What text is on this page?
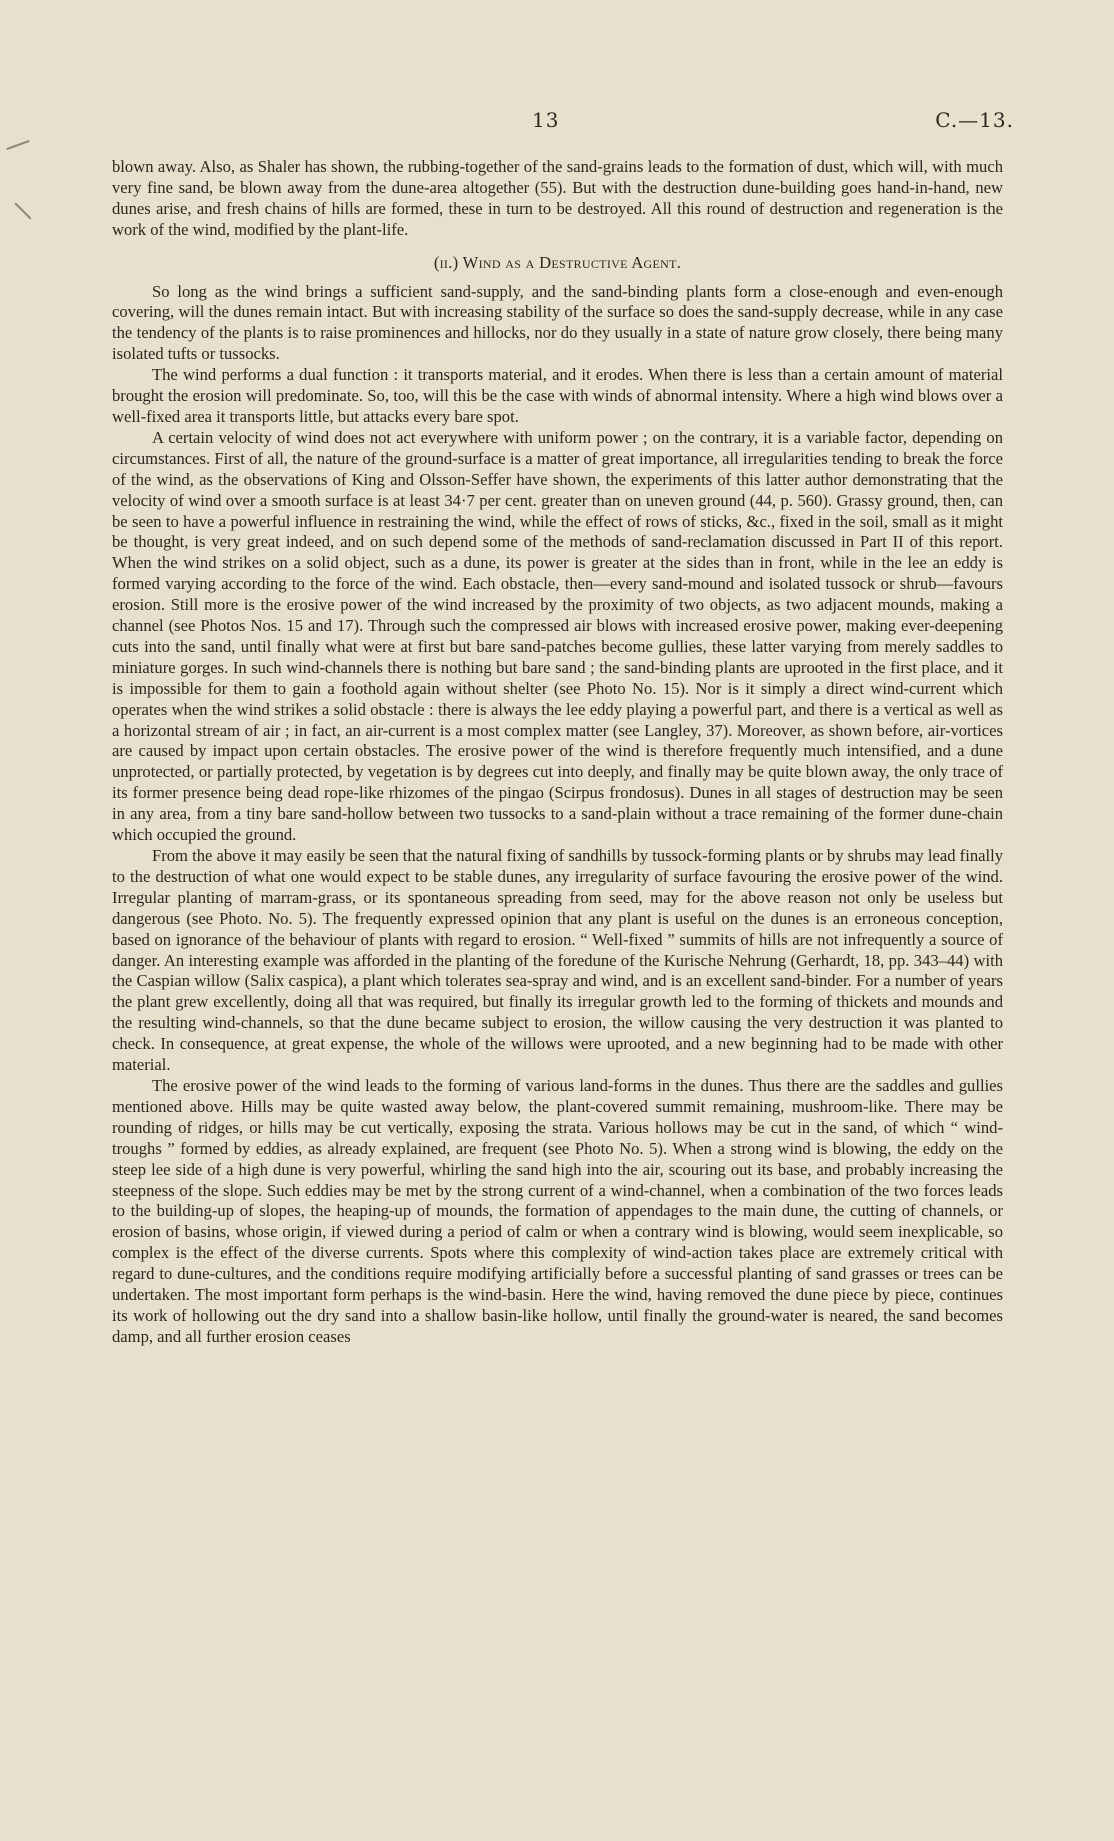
13	C.—13.

blown away. Also, as Shaler has shown, the rubbing-together of the sand-grains leads to the formation of dust, which will, with much very fine sand, be blown away from the dune-area altogether (55). But with the destruction dune-building goes hand-in-hand, new dunes arise, and fresh chains of hills are formed, these in turn to be destroyed. All this round of destruction and regeneration is the work of the wind, modified by the plant-life.

(ii.) Wind as a Destructive Agent.

So long as the wind brings a sufficient sand-supply, and the sand-binding plants form a close-enough and even-enough covering, will the dunes remain intact. But with increasing stability of the surface so does the sand-supply decrease, while in any case the tendency of the plants is to raise prominences and hillocks, nor do they usually in a state of nature grow closely, there being many isolated tufts or tussocks.

The wind performs a dual function : it transports material, and it erodes. When there is less than a certain amount of material brought the erosion will predominate. So, too, will this be the case with winds of abnormal intensity. Where a high wind blows over a well-fixed area it transports little, but attacks every bare spot.

A certain velocity of wind does not act everywhere with uniform power ; on the contrary, it is a variable factor, depending on circumstances. First of all, the nature of the ground-surface is a matter of great importance, all irregularities tending to break the force of the wind, as the observations of King and Olsson-Seffer have shown, the experiments of this latter author demonstrating that the velocity of wind over a smooth surface is at least 34·7 per cent. greater than on uneven ground (44, p. 560). Grassy ground, then, can be seen to have a powerful influence in restraining the wind, while the effect of rows of sticks, &c., fixed in the soil, small as it might be thought, is very great indeed, and on such depend some of the methods of sand-reclamation discussed in Part II of this report. When the wind strikes on a solid object, such as a dune, its power is greater at the sides than in front, while in the lee an eddy is formed varying according to the force of the wind. Each obstacle, then—every sand-mound and isolated tussock or shrub—favours erosion. Still more is the erosive power of the wind increased by the proximity of two objects, as two adjacent mounds, making a channel (see Photos Nos. 15 and 17). Through such the compressed air blows with increased erosive power, making ever-deepening cuts into the sand, until finally what were at first but bare sand-patches become gullies, these latter varying from merely saddles to miniature gorges. In such wind-channels there is nothing but bare sand ; the sand-binding plants are uprooted in the first place, and it is impossible for them to gain a foothold again without shelter (see Photo No. 15). Nor is it simply a direct wind-current which operates when the wind strikes a solid obstacle : there is always the lee eddy playing a powerful part, and there is a vertical as well as a horizontal stream of air ; in fact, an air-current is a most complex matter (see Langley, 37). Moreover, as shown before, air-vortices are caused by impact upon certain obstacles. The erosive power of the wind is therefore frequently much intensified, and a dune unprotected, or partially protected, by vegetation is by degrees cut into deeply, and finally may be quite blown away, the only trace of its former presence being dead rope-like rhizomes of the pingao (Scirpus frondosus). Dunes in all stages of destruction may be seen in any area, from a tiny bare sand-hollow between two tussocks to a sand-plain without a trace remaining of the former dune-chain which occupied the ground.

From the above it may easily be seen that the natural fixing of sandhills by tussock-forming plants or by shrubs may lead finally to the destruction of what one would expect to be stable dunes, any irregularity of surface favouring the erosive power of the wind. Irregular planting of marram-grass, or its spontaneous spreading from seed, may for the above reason not only be useless but dangerous (see Photo. No. 5). The frequently expressed opinion that any plant is useful on the dunes is an erroneous conception, based on ignorance of the behaviour of plants with regard to erosion. “ Well-fixed ” summits of hills are not infrequently a source of danger. An interesting example was afforded in the planting of the foredune of the Kurische Nehrung (Gerhardt, 18, pp. 343–44) with the Caspian willow (Salix caspica), a plant which tolerates sea-spray and wind, and is an excellent sand-binder. For a number of years the plant grew excellently, doing all that was required, but finally its irregular growth led to the forming of thickets and mounds and the resulting wind-channels, so that the dune became subject to erosion, the willow causing the very destruction it was planted to check. In consequence, at great expense, the whole of the willows were uprooted, and a new beginning had to be made with other material.

The erosive power of the wind leads to the forming of various land-forms in the dunes. Thus there are the saddles and gullies mentioned above. Hills may be quite wasted away below, the plant-covered summit remaining, mushroom-like. There may be rounding of ridges, or hills may be cut vertically, exposing the strata. Various hollows may be cut in the sand, of which “ wind-troughs ” formed by eddies, as already explained, are frequent (see Photo No. 5). When a strong wind is blowing, the eddy on the steep lee side of a high dune is very powerful, whirling the sand high into the air, scouring out its base, and probably increasing the steepness of the slope. Such eddies may be met by the strong current of a wind-channel, when a combination of the two forces leads to the building-up of slopes, the heaping-up of mounds, the formation of appendages to the main dune, the cutting of channels, or erosion of basins, whose origin, if viewed during a period of calm or when a contrary wind is blowing, would seem inexplicable, so complex is the effect of the diverse currents. Spots where this complexity of wind-action takes place are extremely critical with regard to dune-cultures, and the conditions require modifying artificially before a successful planting of sand grasses or trees can be undertaken. The most important form perhaps is the wind-basin. Here the wind, having removed the dune piece by piece, continues its work of hollowing out the dry sand into a shallow basin-like hollow, until finally the ground-water is neared, the sand becomes damp, and all further erosion ceases
